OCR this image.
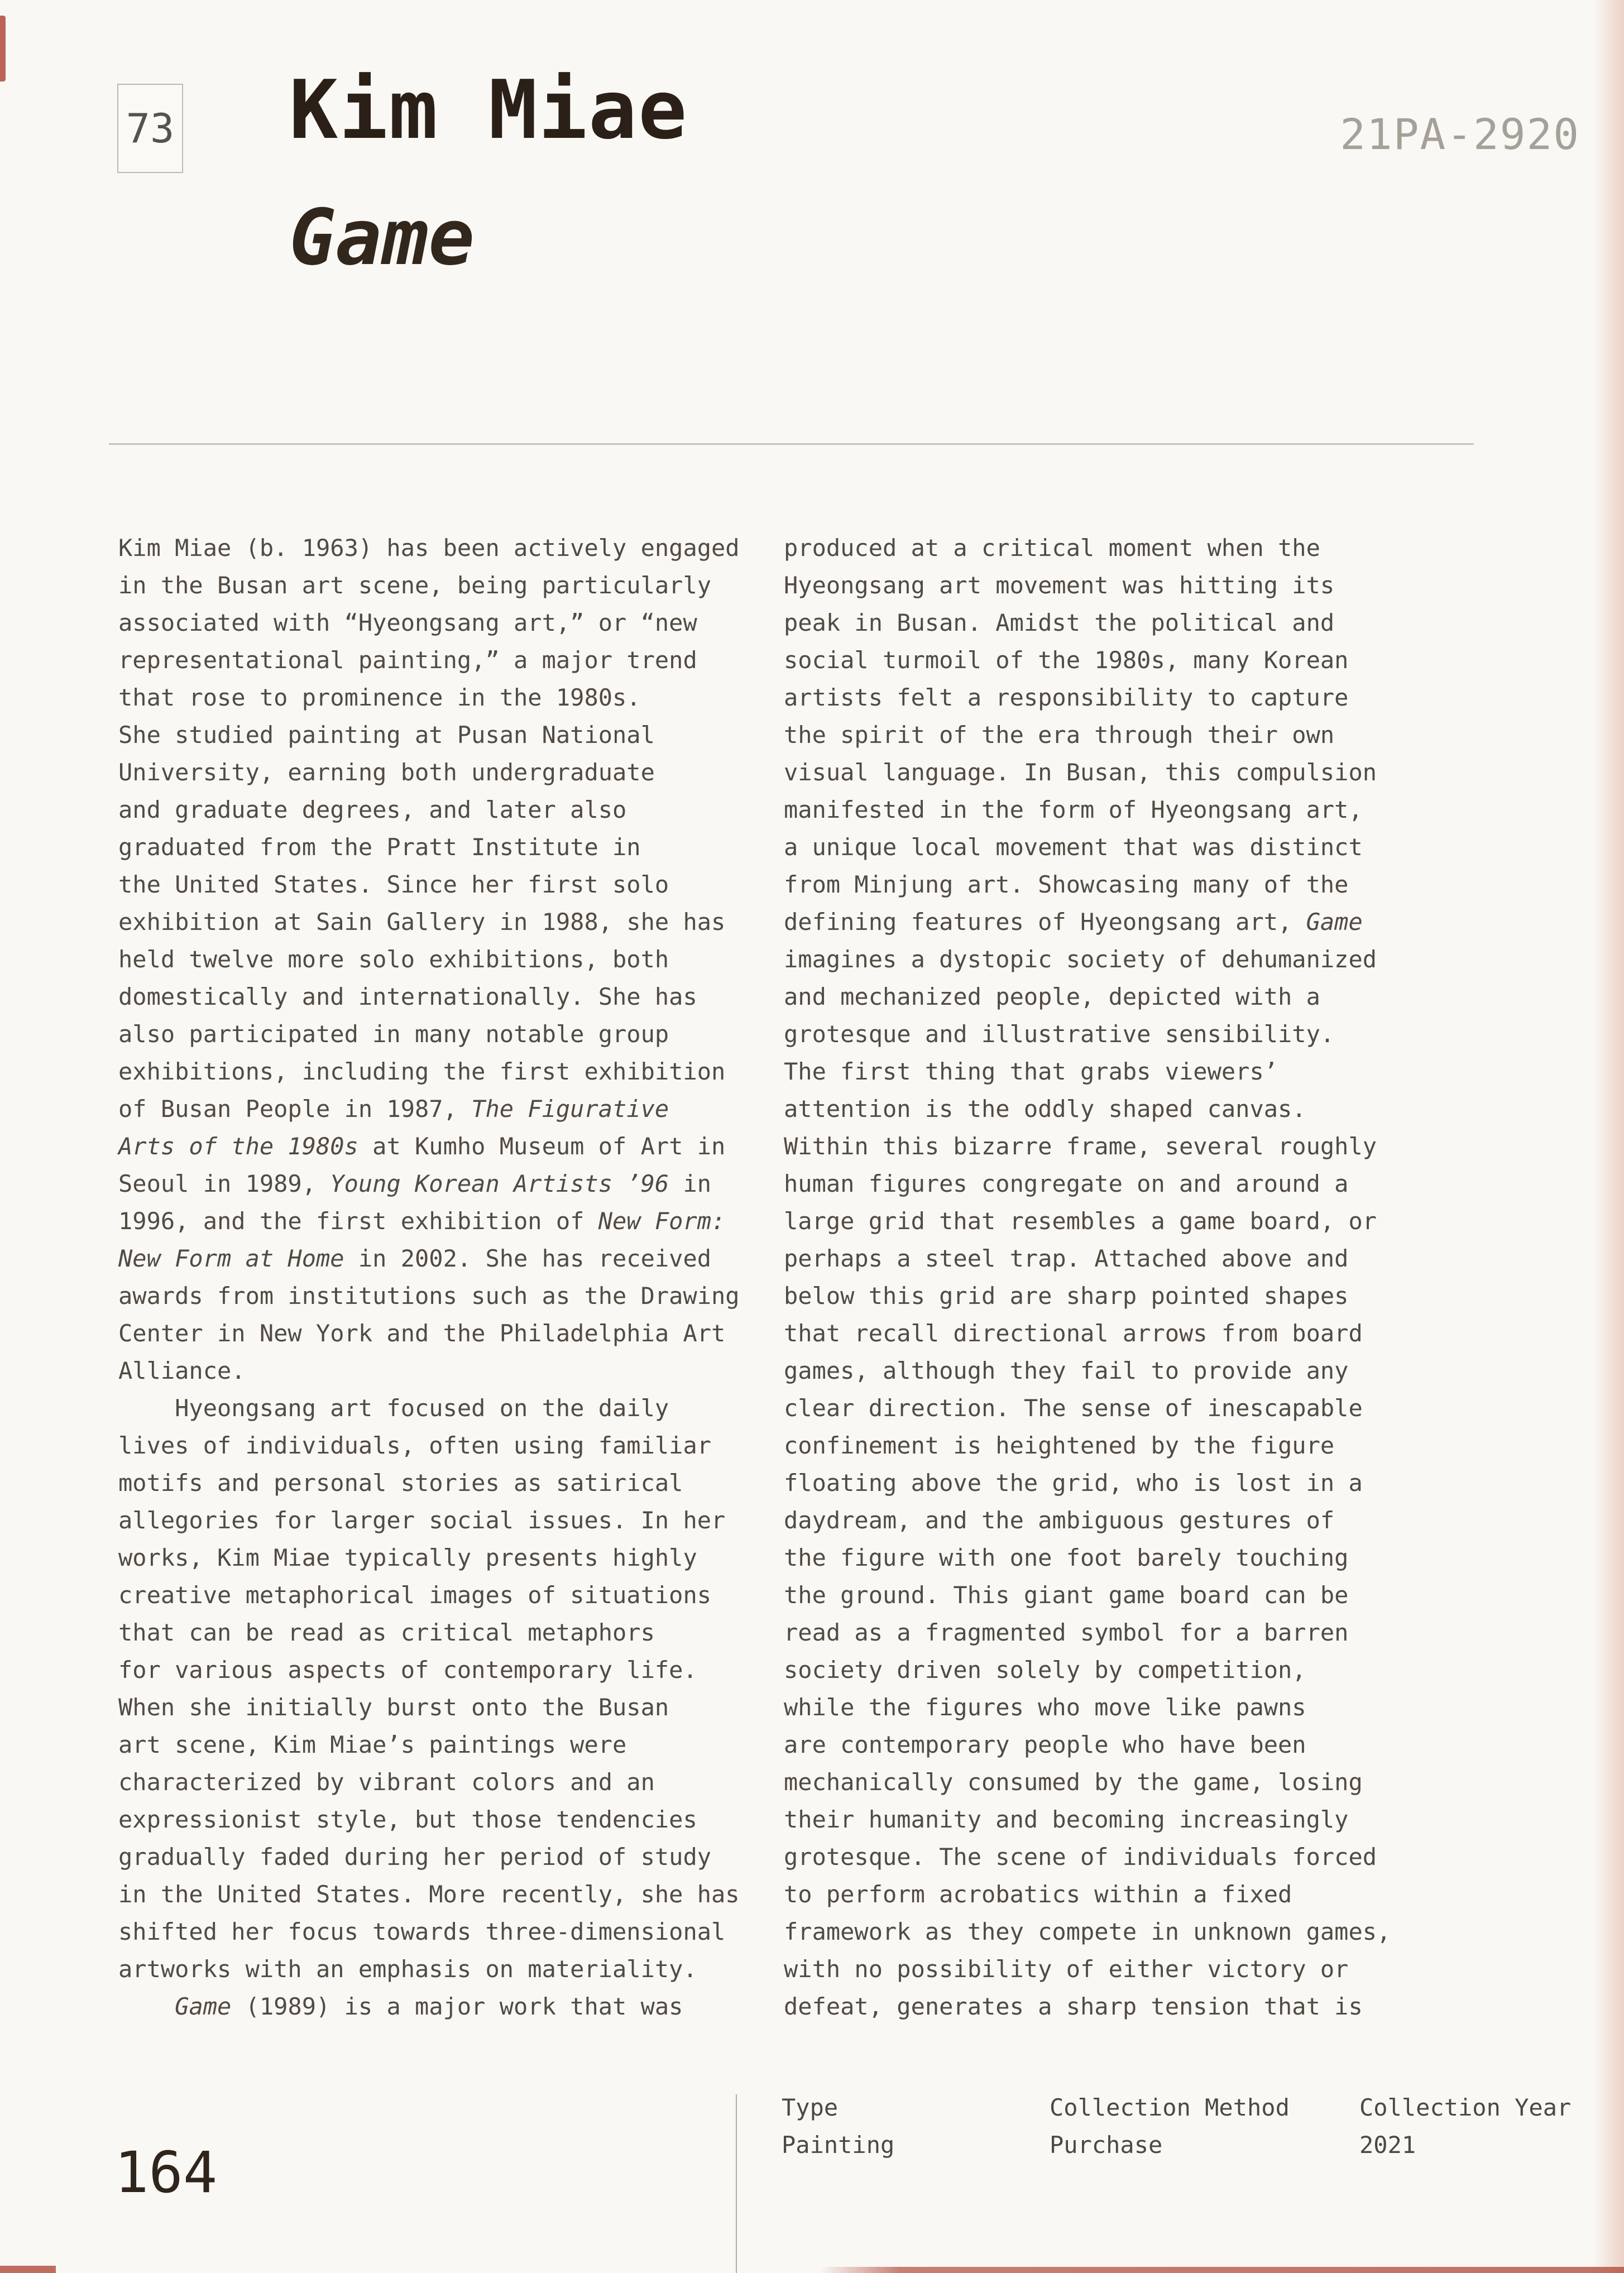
73 Kim Miae
Game
21PA-2920
Kim Miae (b. 1963) has been actively engaged
in the Busan art scene, being particularly
associated with “Hyeongsang art,” or “new
representational painting,” a major trend
that rose to prominence in the 1980s.
She studied painting at Pusan National
University, earning both undergraduate
and graduate degrees, and later also
graduated from the Pratt Institute in
the United States. Since her first solo
exhibition at Sain Gallery in 1988, she has
held twelve more solo exhibitions, both
domestically and internationally. She has
also participated in many notable group
exhibitions, including the first exhibition
of Busan People in 1987, The Figurative
Arts of the 1980s at Kumho Museum of Art in
Seoul in 1989, Young Korean Artists ’96 in
1996, and the first exhibition of New Form:
New Form at Home in 2002. She has received
awards from institutions such as the Drawing
Center in New York and the Philadelphia Art
Alliance.
Hyeongsang art focused on the daily
lives of individuals, often using familiar
motifs and personal stories as satirical
allegories for larger social issues. In her
works, Kim Miae typically presents highly
creative metaphorical images of situations
that can be read as critical metaphors
for various aspects of contemporary life.
When she initially burst onto the Busan
art scene, Kim Miae’s paintings were
characterized by vibrant colors and an
expressionist style, but those tendencies
gradually faded during her period of study
in the United States. More recently, she has
shifted her focus towards three-dimensional
artworks with an emphasis on materiality.
Game (1989) is a major work that was
produced at a critical moment when the
Hyeongsang art movement was hitting its
peak in Busan. Amidst the political and
social turmoil of the 1980s, many Korean
artists felt a responsibility to capture
the spirit of the era through their own
visual language. In Busan, this compulsion
manifested in the form of Hyeongsang art,
a unique local movement that was distinct
from Minjung art. Showcasing many of the
defining features of Hyeongsang art, Game
imagines a dystopic society of dehumanized
and mechanized people, depicted with a
grotesque and illustrative sensibility.
The first thing that grabs viewers’
attention is the oddly shaped canvas.
Within this bizarre frame, several roughly
human figures congregate on and around a
large grid that resembles a game board, or
perhaps a steel trap. Attached above and
below this grid are sharp pointed shapes
that recall directional arrows from board
games, although they fail to provide any
clear direction. The sense of inescapable
confinement is heightened by the figure
floating above the grid, who is lost in a
daydream, and the ambiguous gestures of
the figure with one foot barely touching
the ground. This giant game board can be
read as a fragmented symbol for a barren
society driven solely by competition,
while the figures who move like pawns
are contemporary people who have been
mechanically consumed by the game, losing
their humanity and becoming increasingly
grotesque. The scene of individuals forced
to perform acrobatics within a fixed
framework as they compete in unknown games,
with no possibility of either victory or
defeat, generates a sharp tension that is
Type
Painting
Collection Method
Purchase
Collection Year
2021
164
